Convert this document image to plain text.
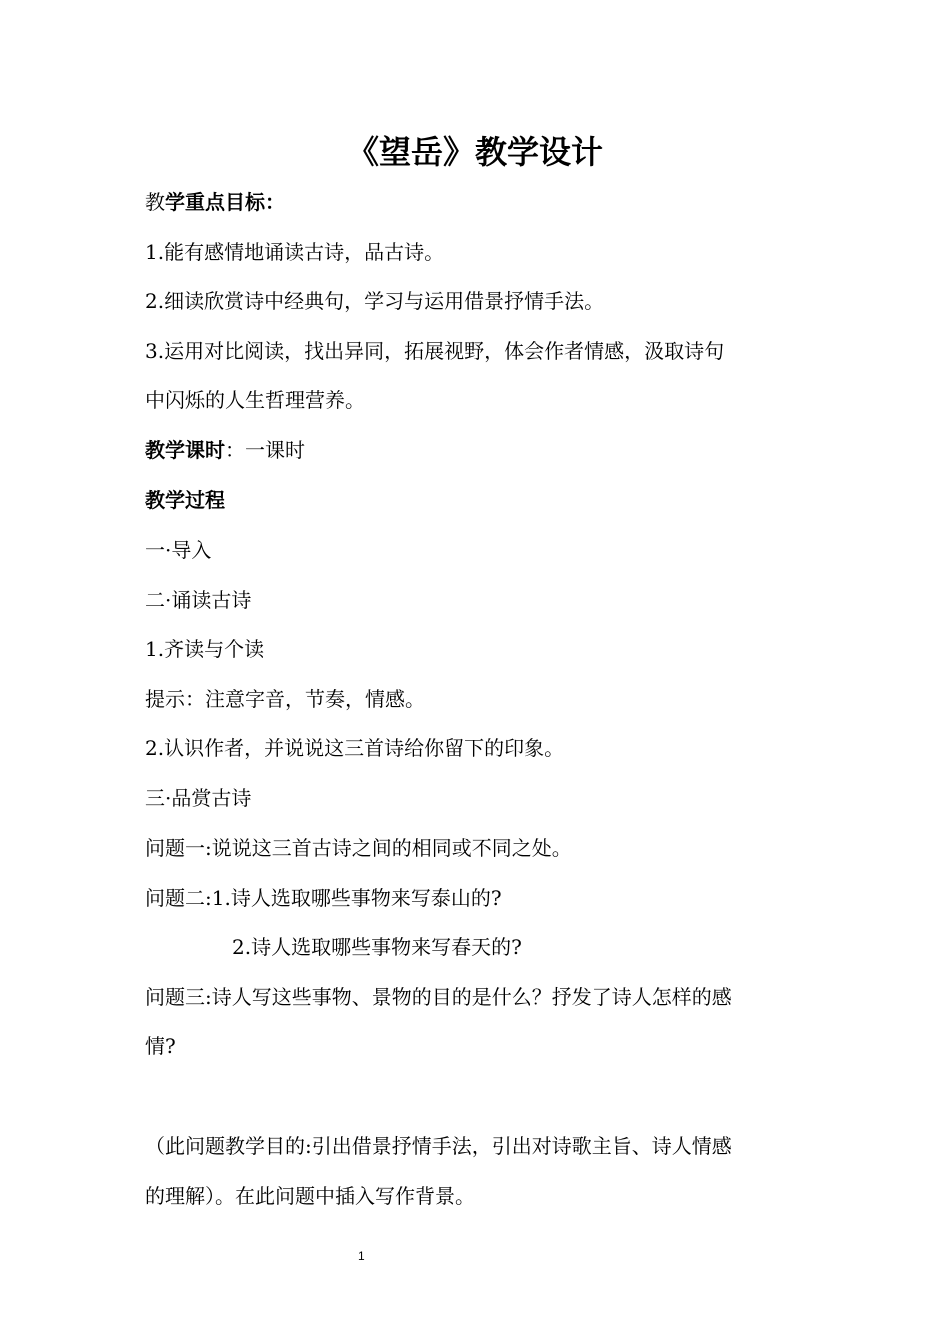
《望岳》教学设计
教学重点目标：
1.能有感情地诵读古诗，品古诗。
2.细读欣赏诗中经典句，学习与运用借景抒情手法。
3.运用对比阅读，找出异同，拓展视野，体会作者情感，汲取诗句
中闪烁的人生哲理营养。
教学课时：一课时
教学过程
一·导入
二·诵读古诗
1.齐读与个读
提示：注意字音，节奏，情感。
2.认识作者，并说说这三首诗给你留下的印象。
三·品赏古诗
问题一:说说这三首古诗之间的相同或不同之处。
问题二:1.诗人选取哪些事物来写泰山的?
2.诗人选取哪些事物来写春天的?
问题三:诗人写这些事物、景物的目的是什么？抒发了诗人怎样的感
情?
（此问题教学目的:引出借景抒情手法，引出对诗歌主旨、诗人情感
的理解）。在此问题中插入写作背景。
1
